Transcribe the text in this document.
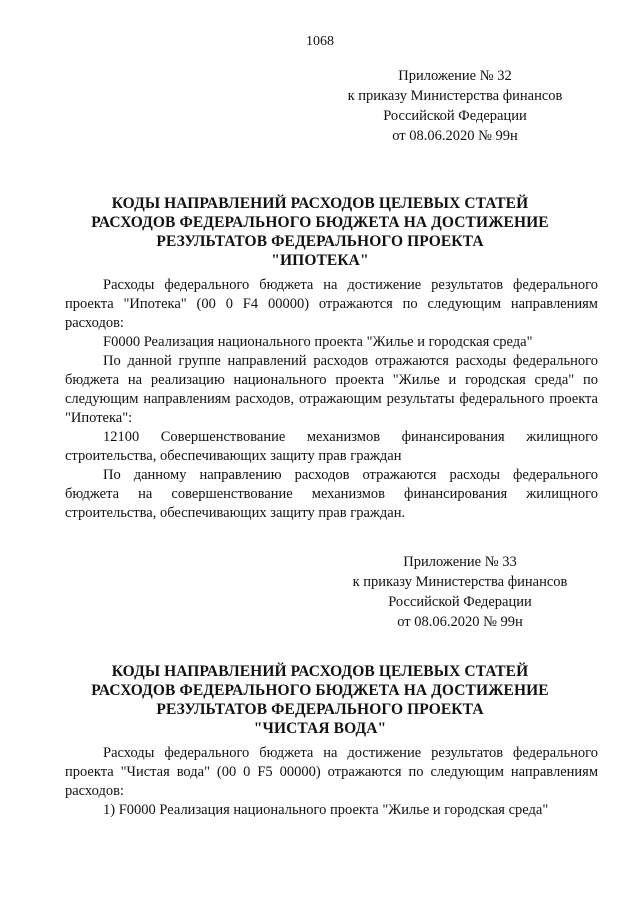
1068
Приложение № 32
к приказу Министерства финансов
Российской Федерации
от 08.06.2020 № 99н
КОДЫ НАПРАВЛЕНИЙ РАСХОДОВ ЦЕЛЕВЫХ СТАТЕЙ
РАСХОДОВ ФЕДЕРАЛЬНОГО БЮДЖЕТА НА ДОСТИЖЕНИЕ
РЕЗУЛЬТАТОВ ФЕДЕРАЛЬНОГО ПРОЕКТА
"ИПОТЕКА"

Расходы федерального бюджета на достижение результатов федерального проекта "Ипотека" (00 0 F4 00000) отражаются по следующим направлениям расходов:

F0000 Реализация национального проекта "Жилье и городская среда"

По данной группе направлений расходов отражаются расходы федерального бюджета на реализацию национального проекта "Жилье и городская среда" по следующим направлениям расходов, отражающим результаты федерального проекта "Ипотека":

12100 Совершенствование механизмов финансирования жилищного

строительства, обеспечивающих защиту прав граждан

По данному направлению расходов отражаются расходы федерального бюджета на совершенствование механизмов финансирования жилищного строительства, обеспечивающих защиту прав граждан.

Приложение № 33
к приказу Министерства финансов
Российской Федерации
от 08.06.2020 № 99н
КОДЫ НАПРАВЛЕНИЙ РАСХОДОВ ЦЕЛЕВЫХ СТАТЕЙ
РАСХОДОВ ФЕДЕРАЛЬНОГО БЮДЖЕТА НА ДОСТИЖЕНИЕ
РЕЗУЛЬТАТОВ ФЕДЕРАЛЬНОГО ПРОЕКТА
"ЧИСТАЯ ВОДА"

Расходы федерального бюджета на достижение результатов федерального проекта "Чистая вода" (00 0 F5 00000) отражаются по следующим направлениям расходов:

1) F0000 Реализация национального проекта "Жилье и городская среда"
